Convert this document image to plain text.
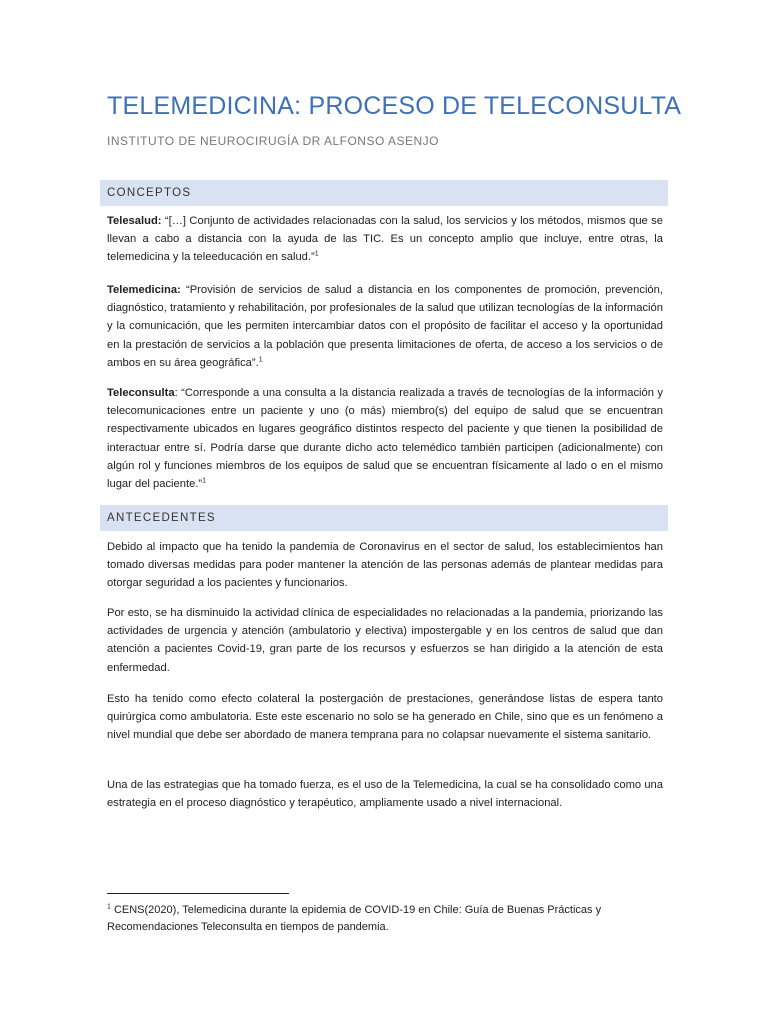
TELEMEDICINA: PROCESO DE TELECONSULTA
INSTITUTO DE NEUROCIRUGÍA DR ALFONSO ASENJO
CONCEPTOS

Telesalud: “[…] Conjunto de actividades relacionadas con la salud, los servicios y los métodos, mismos que se llevan a cabo a distancia con la ayuda de las TIC. Es un concepto amplio que incluye, entre otras, la telemedicina y la teleeducación en salud.”$^1$

Telemedicina: “Provisión de servicios de salud a distancia en los componentes de promoción, prevención, diagnóstico, tratamiento y rehabilitación, por profesionales de la salud que utilizan tecnologías de la información y la comunicación, que les permiten intercambiar datos con el propósito de facilitar el acceso y la oportunidad en la prestación de servicios a la población que presenta limitaciones de oferta, de acceso a los servicios o de ambos en su área geográfica”.$^1$

Teleconsulta: “Corresponde a una consulta a la distancia realizada a través de tecnologías de la información y telecomunicaciones entre un paciente y uno (o más) miembro(s) del equipo de salud que se encuentran respectivamente ubicados en lugares geográfico distintos respecto del paciente y que tienen la posibilidad de interactuar entre sí. Podría darse que durante dicho acto telemédico también participen (adicionalmente) con algún rol y funciones miembros de los equipos de salud que se encuentran físicamente al lado o en el mismo lugar del paciente.”$^1$

ANTECEDENTES

Debido al impacto que ha tenido la pandemia de Coronavirus en el sector de salud, los establecimientos han tomado diversas medidas para poder mantener la atención de las personas además de plantear medidas para otorgar seguridad a los pacientes y funcionarios.

Por esto, se ha disminuido la actividad clínica de especialidades no relacionadas a la pandemia, priorizando las actividades de urgencia y atención (ambulatorio y electiva) impostergable y en los centros de salud que dan atención a pacientes Covid-19, gran parte de los recursos y esfuerzos se han dirigido a la atención de esta enfermedad.

Esto ha tenido como efecto colateral la postergación de prestaciones, generándose listas de espera tanto quirúrgica como ambulatoria. Este este escenario no solo se ha generado en Chile, sino que es un fenómeno a nivel mundial que debe ser abordado de manera temprana para no colapsar nuevamente el sistema sanitario.

Una de las estrategias que ha tomado fuerza, es el uso de la Telemedicina, la cual se ha consolidado como una estrategia en el proceso diagnóstico y terapéutico, ampliamente usado a nivel internacional.

$^1$ CENS(2020), Telemedicina durante la epidemia de COVID-19 en Chile: Guía de Buenas Prácticas y Recomendaciones Teleconsulta en tiempos de pandemia.
